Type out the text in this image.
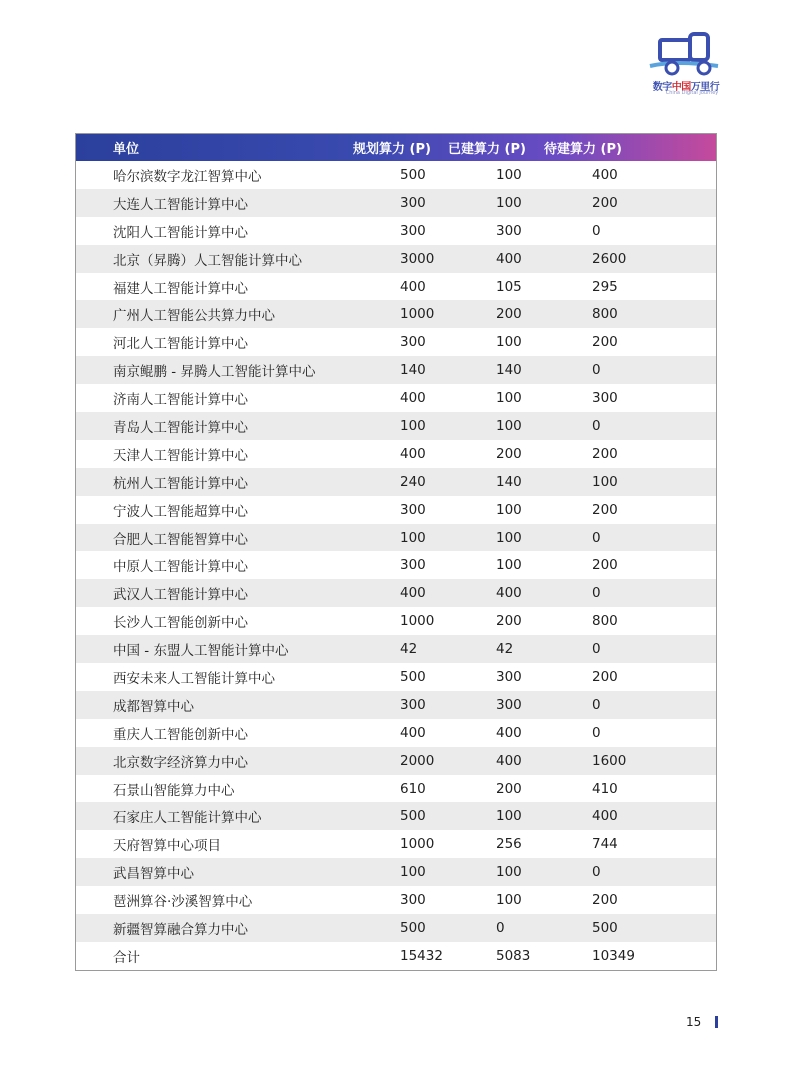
数字中国万里行
China Digital Journey
单位	规划算力 (P) 已建算力 (P) 待建算力 (P)
哈尔滨数字龙江智算中心	500	100	400
大连人工智能计算中心	300	100	200
沈阳人工智能计算中心	300	300	0
北京（昇腾）人工智能计算中心	3000	400	2600
福建人工智能计算中心	400	105	295
广州人工智能公共算力中心	1000	200	800
河北人工智能计算中心	300	100	200
南京鲲鹏 - 昇腾人工智能计算中心	140	140	0
济南人工智能计算中心	400	100	300
青岛人工智能计算中心	100	100	0
天津人工智能计算中心	400	200	200
杭州人工智能计算中心	240	140	100
宁波人工智能超算中心	300	100	200
合肥人工智能智算中心	100	100	0
中原人工智能计算中心	300	100	200
武汉人工智能计算中心	400	400	0
长沙人工智能创新中心	1000	200	800
中国 - 东盟人工智能计算中心	42	42	0
西安未来人工智能计算中心	500	300	200
成都智算中心	300	300	0
重庆人工智能创新中心	400	400	0
北京数字经济算力中心	2000	400	1600
石景山智能算力中心	610	200	410
石家庄人工智能计算中心	500	100	400
天府智算中心项目	1000	256	744
武昌智算中心	100	100	0
琶洲算谷·沙溪智算中心	300	100	200
新疆智算融合算力中心	500	0	500
合计	15432	5083	10349
15
